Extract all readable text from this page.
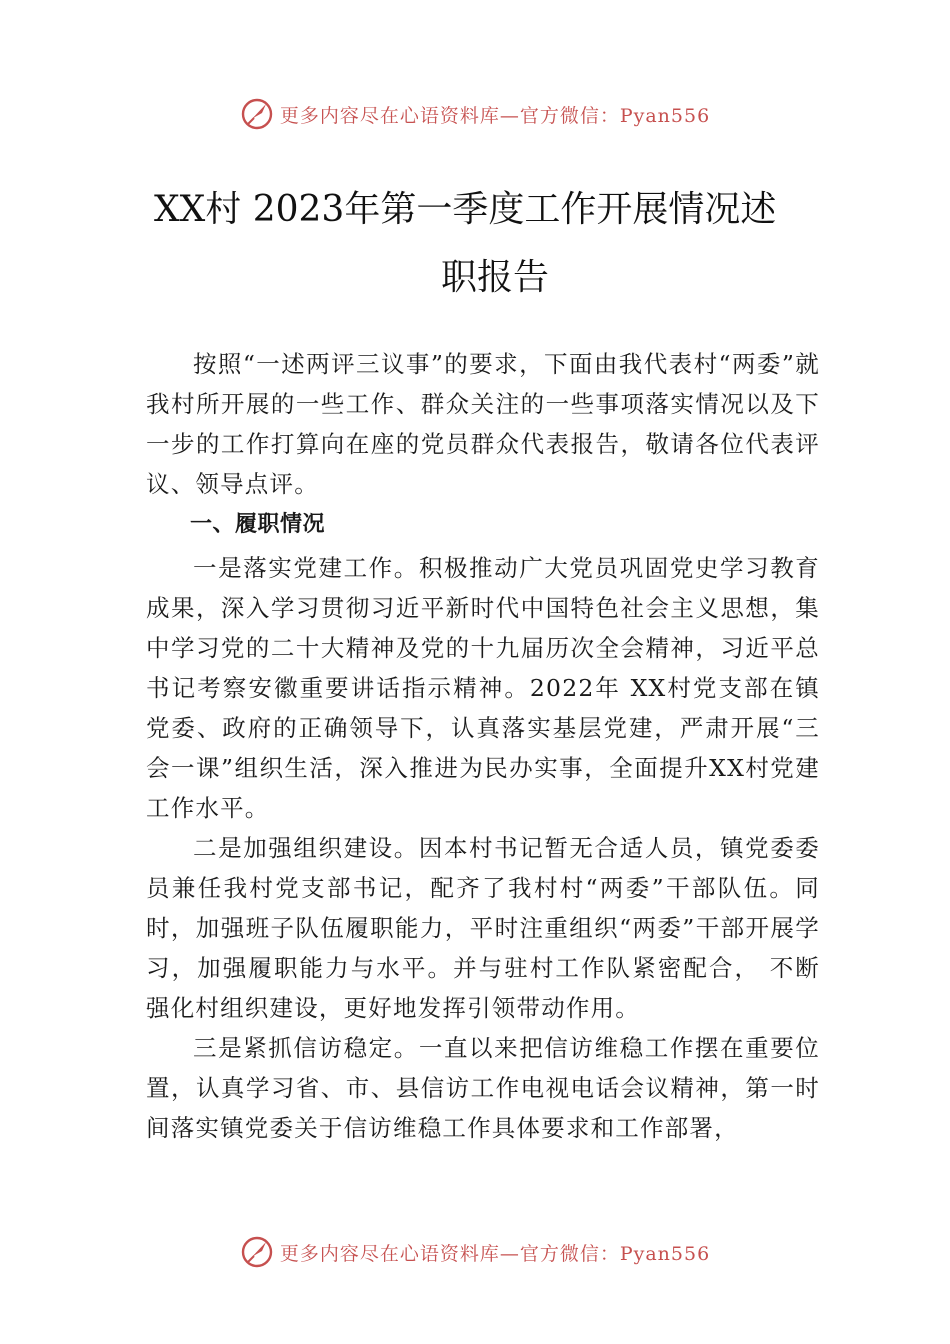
更多内容尽在心语资料库—官方微信：Pyan556
XX村 2023年第一季度工作开展情况述
职报告

按照“一述两评三议事”的要求，下面由我代表村“两委”就我村所开展的一些工作、群众关注的一些事项落实情况以及下一步的工作打算向在座的党员群众代表报告，敬请各位代表评议、领导点评。

一、履职情况

一是落实党建工作。积极推动广大党员巩固党史学习教育成果，深入学习贯彻习近平新时代中国特色社会主义思想，集中学习党的二十大精神及党的十九届历次全会精神，习近平总书记考察安徽重要讲话指示精神。2022年 XX村党支部在镇党委、政府的正确领导下，认真落实基层党建，严肃开展“三会一课”组织生活，深入推进为民办实事，全面提升XX村党建工作水平。

二是加强组织建设。因本村书记暂无合适人员，镇党委委员兼任我村党支部书记，配齐了我村村“两委”干部队伍。同时，加强班子队伍履职能力，平时注重组织“两委”干部开展学习，加强履职能力与水平。并与驻村工作队紧密配合， 不断强化村组织建设，更好地发挥引领带动作用。

三是紧抓信访稳定。一直以来把信访维稳工作摆在重要位置，认真学习省、市、县信访工作电视电话会议精神，第一时间落实镇党委关于信访维稳工作具体要求和工作部署，

更多内容尽在心语资料库—官方微信：Pyan556
